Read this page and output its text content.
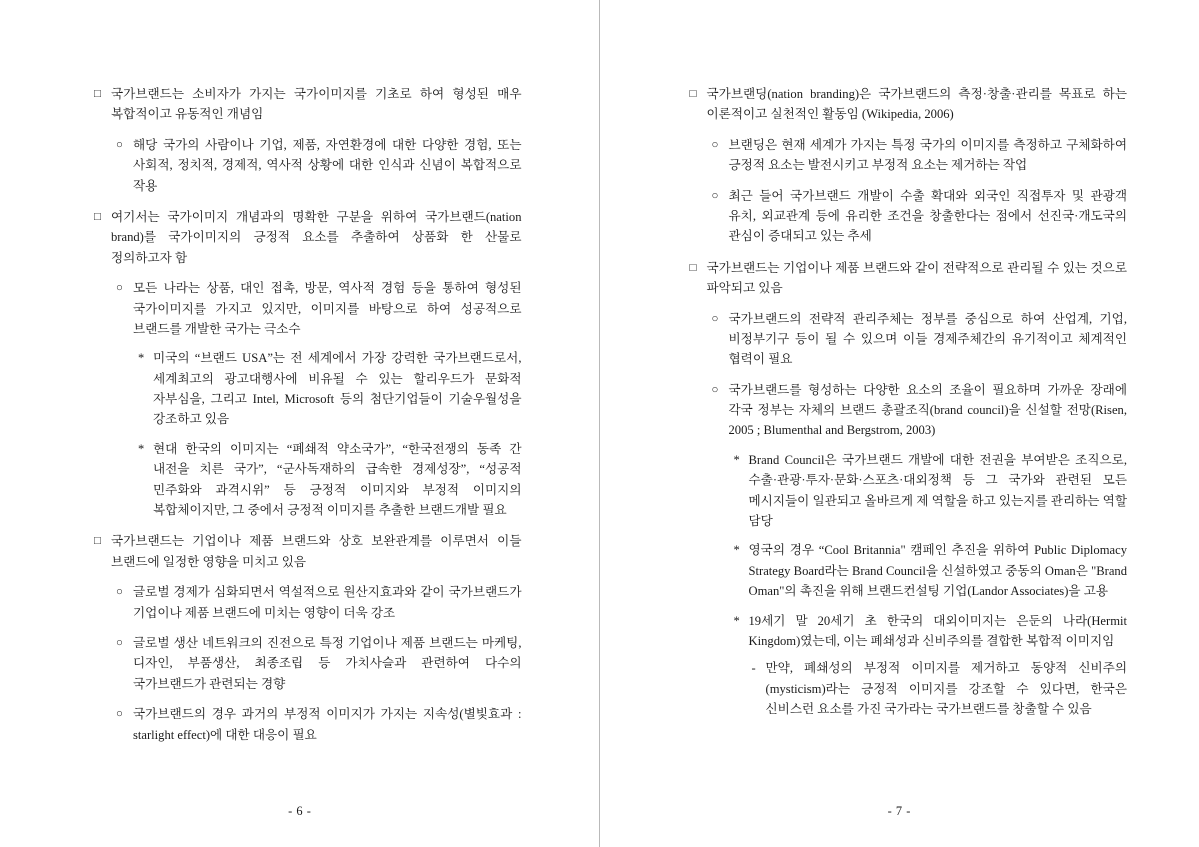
□ 국가브랜드는 소비자가 가지는 국가이미지를 기초로 하여 형성된 매우 복합적이고 유동적인 개념임
○ 해당 국가의 사람이나 기업, 제품, 자연환경에 대한 다양한 경험, 또는 사회적, 정치적, 경제적, 역사적 상황에 대한 인식과 신념이 복합적으로 작용
□ 여기서는 국가이미지 개념과의 명확한 구분을 위하여 국가브랜드(nation brand)를 국가이미지의 긍정적 요소를 추출하여 상품화 한 산물로 정의하고자 함
○ 모든 나라는 상품, 대인 접촉, 방문, 역사적 경험 등을 통하여 형성된 국가이미지를 가지고 있지만, 이미지를 바탕으로 하여 성공적으로 브랜드를 개발한 국가는 극소수
* 미국의 “브랜드 USA”는 전 세계에서 가장 강력한 국가브랜드로서, 세계최고의 광고대행사에 비유될 수 있는 할리우드가 문화적 자부심을, 그리고 Intel, Microsoft 등의 첨단기업들이 기술우월성을 강조하고 있음
* 현대 한국의 이미지는 “폐쇄적 약소국가”, “한국전쟁의 동족 간 내전을 치른 국가”, “군사독재하의 급속한 경제성장”, “성공적 민주화와 과격시위” 등 긍정적 이미지와 부정적 이미지의 복합체이지만, 그 중에서 긍정적 이미지를 추출한 브랜드개발 필요
□ 국가브랜드는 기업이나 제품 브랜드와 상호 보완관계를 이루면서 이들 브랜드에 일정한 영향을 미치고 있음
○ 글로벌 경제가 심화되면서 역설적으로 원산지효과와 같이 국가브랜드가 기업이나 제품 브랜드에 미치는 영향이 더욱 강조
○ 글로벌 생산 네트워크의 진전으로 특정 기업이나 제품 브랜드는 마케팅, 디자인, 부품생산, 최종조립 등 가치사슬과 관련하여 다수의 국가브랜드가 관련되는 경향
○ 국가브랜드의 경우 과거의 부정적 이미지가 가지는 지속성(별빛효과 : starlight effect)에 대한 대응이 필요
- 6 -
□ 국가브랜딩(nation branding)은 국가브랜드의 측정·창출·관리를 목표로 하는 이론적이고 실천적인 활동임 (Wikipedia, 2006)
○ 브랜딩은 현재 세계가 가지는 특정 국가의 이미지를 측정하고 구체화하여 긍정적 요소는 발전시키고 부정적 요소는 제거하는 작업
○ 최근 들어 국가브랜드 개발이 수출 확대와 외국인 직접투자 및 관광객 유치, 외교관계 등에 유리한 조건을 창출한다는 점에서 선진국·개도국의 관심이 증대되고 있는 추세
□ 국가브랜드는 기업이나 제품 브랜드와 같이 전략적으로 관리될 수 있는 것으로 파악되고 있음
○ 국가브랜드의 전략적 관리주체는 정부를 중심으로 하여 산업계, 기업, 비정부기구 등이 될 수 있으며 이들 경제주체간의 유기적이고 체계적인 협력이 필요
○ 국가브랜드를 형성하는 다양한 요소의 조율이 필요하며 가까운 장래에 각국 정부는 자체의 브랜드 총괄조직(brand council)을 신설할 전망(Risen, 2005 ; Blumenthal and Bergstrom, 2003)
* Brand Council은 국가브랜드 개발에 대한 전권을 부여받은 조직으로, 수출·관광·투자·문화·스포츠·대외정책 등 그 국가와 관련된 모든 메시지들이 일관되고 올바르게 제 역할을 하고 있는지를 관리하는 역할 담당
* 영국의 경우 “Cool Britannia" 캠페인 추진을 위하여 Public Diplomacy Strategy Board라는 Brand Council을 신설하였고 중동의 Oman은 "Brand Oman"의 촉진을 위해 브랜드컨설팅 기업(Landor Associates)을 고용
* 19세기 말 20세기 초 한국의 대외이미지는 은둔의 나라(Hermit Kingdom)였는데, 이는 폐쇄성과 신비주의를 결합한 복합적 이미지임
- 만약, 폐쇄성의 부정적 이미지를 제거하고 동양적 신비주의(mysticism)라는 긍정적 이미지를 강조할 수 있다면, 한국은 신비스런 요소를 가진 국가라는 국가브랜드를 창출할 수 있음
- 7 -
